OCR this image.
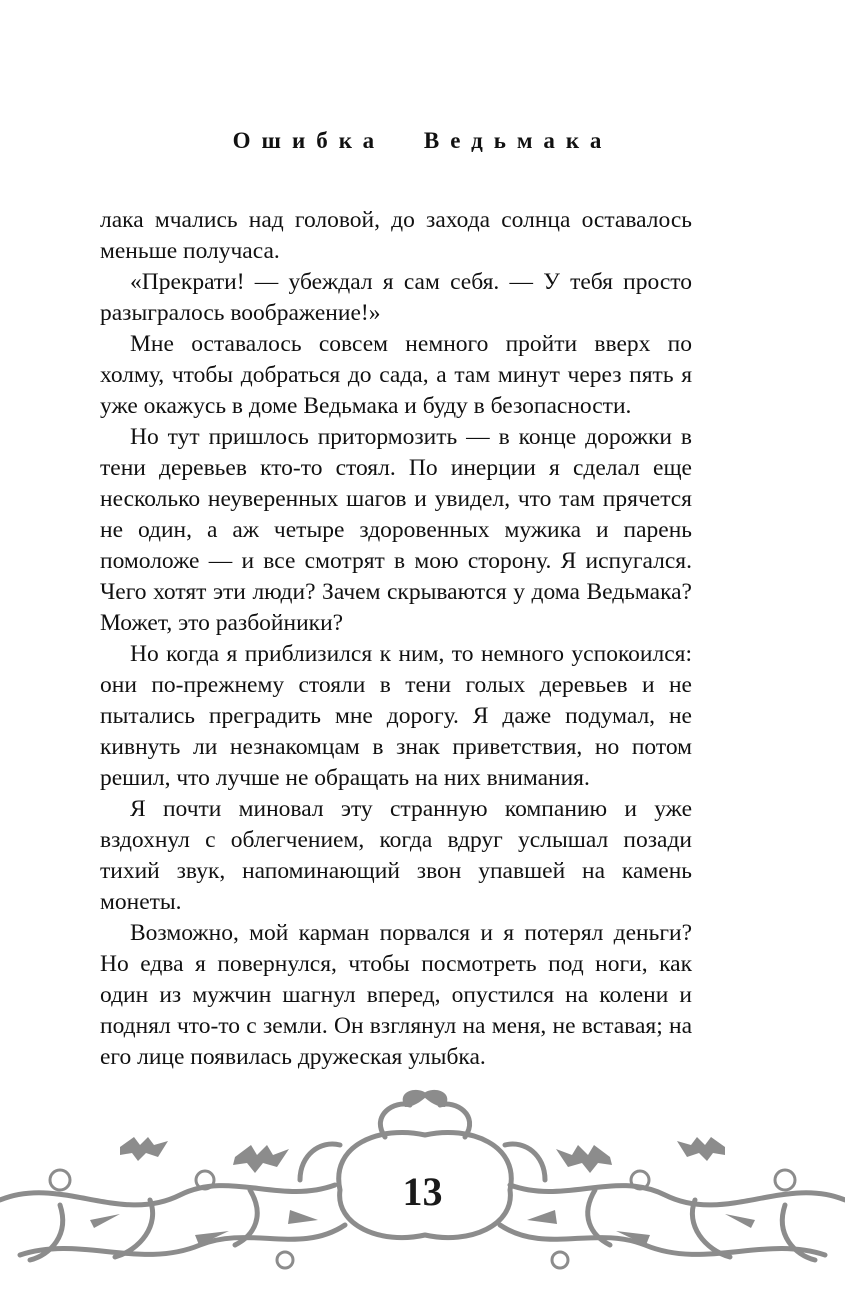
Ошибка Ведьмака

лака мчались над головой, до захода солнца оставалось меньше получаса.

«Прекрати! — убеждал я сам себя. — У тебя просто разыгралось воображение!»

Мне оставалось совсем немного пройти вверх по холму, чтобы добраться до сада, а там минут через пять я уже окажусь в доме Ведьмака и буду в безопасности.

Но тут пришлось притормозить — в конце дорожки в тени деревьев кто-то стоял. По инерции я сделал еще несколько неуверенных шагов и увидел, что там прячется не один, а аж четыре здоровенных мужика и парень помоложе — и все смотрят в мою сторону. Я испугался. Чего хотят эти люди? Зачем скрываются у дома Ведьмака? Может, это разбойники?

Но когда я приблизился к ним, то немного успокоился: они по-прежнему стояли в тени голых деревьев и не пытались преградить мне дорогу. Я даже подумал, не кивнуть ли незнакомцам в знак приветствия, но потом решил, что лучше не обращать на них внимания.

Я почти миновал эту странную компанию и уже вздохнул с облегчением, когда вдруг услышал позади тихий звук, напоминающий звон упавшей на камень монеты.

Возможно, мой карман порвался и я потерял деньги? Но едва я повернулся, чтобы посмотреть под ноги, как один из мужчин шагнул вперед, опустился на колени и поднял что-то с земли. Он взглянул на меня, не вставая; на его лице появилась дружеская улыбка.

13
